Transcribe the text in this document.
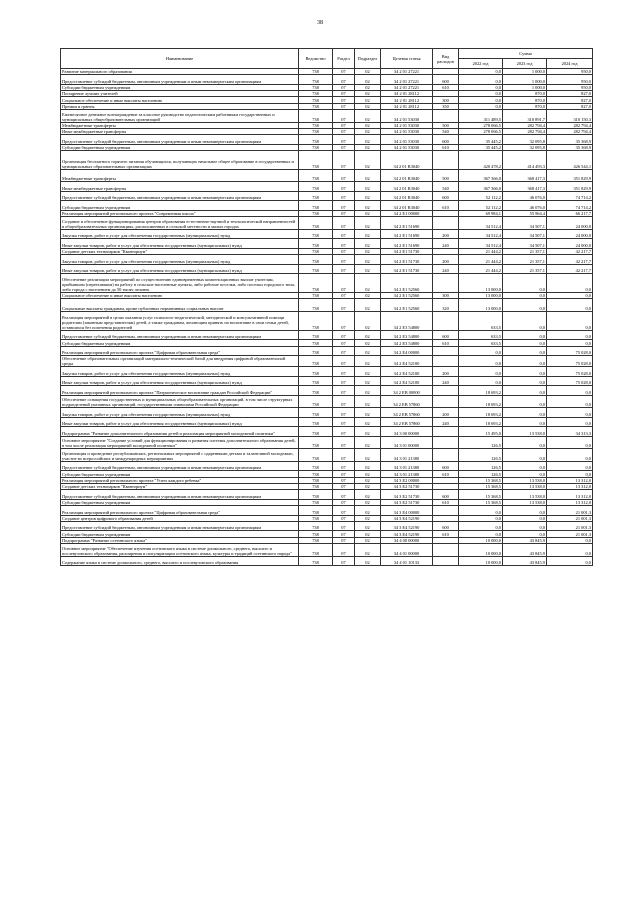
38
Наименование	Ведомство	Раздел	Подраздел	Целевая статья	Вид расходов	Сумма		
						2022 год	2023 год	2024 год
Развитие материального образования	738	07	02	34 2 01 27221		0,0	1 000,0	950,0
Предоставление субсидий бюджетным, автономным учреждениям и иным некоммерческим организациям	738	07	02	34 2 01 27221	600	0,0	1 000,0	950,0
Субсидии бюджетным учреждениям	738	07	02	34 2 01 27221	610	0,0	1 000,0	950,0
Поощрение лучших учителей	738	07	02	34 2 01 28112		0,0	870,0	827,0
Социальное обеспечение и иные выплаты населению	738	07	02	34 2 01 28112	300	0,0	870,0	827,0
Премии и гранты	738	07	02	34 2 01 28112	350	0,0	870,0	827,0
Ежемесячное денежное вознаграждение за классное руководство педагогическим работникам государственных и муниципальных общеобразовательных организаций	738	07	02	34 2 01 53030		311 489,5	310 891,7	310 150,3
Межбюджетные трансферты	738	07	02	34 2 01 53030	500	278 066,5	282 794,4	282 794,4
Иные межбюджетные трансферты	738	07	02	34 2 01 53030	540	278 066,5	282 794,4	282 794,4
Предоставление субсидий бюджетным, автономным учреждениям и иным некоммерческим организациям	738	07	02	34 2 01 53030	600	35 445,2	32 095,8	35 368,9
Субсидии бюджетным учреждениям	738	07	02	34 2 01 53030	610	35 445,2	32 095,8	35 368,9
Организация бесплатного горячего питания обучающихся, получающих начальное общее образование в государственных и муниципальных образовательных организациях	738	07	02	34 2 01 R3040		420 478,2	414 493,3	426 544,1
Межбюджетные трансферты	738	07	02	34 2 01 R3040	500	367 366,0	368 417,3	351 829,9
Иные межбюджетные трансферты	738	07	02	34 2 01 R3040	540	367 366,0	368 417,3	351 829,9
Предоставление субсидий бюджетным, автономным учреждениям и иным некоммерческим организациям	738	07	02	34 2 01 R3040	600	52 112,2	46 076,0	74 714,2
Субсидии бюджетным учреждениям	738	07	02	34 2 01 R3040	610	52 112,2	46 076,0	74 714,2
Реализация мероприятий регионального проекта "Современная школа"	738	07	02	34 2 E1 00000		69 984,1	55 964,4	66 217,7
Создание и обеспечение функционирования центров образования естественно-научной и технологической направленностей в общеобразовательных организациях, расположенных в сельской местности и малых городах	738	07	02	34 2 E1 51690		34 512,4	34 507,1	24 000,0
Закупка товаров, работ и услуг для обеспечения государственных (муниципальных) нужд	738	07	02	34 2 E1 51690	200	34 512,4	34 507,1	24 000,0
Иные закупки товаров, работ и услуг для обеспечения государственных (муниципальных) нужд	738	07	02	34 2 E1 51690	240	34 512,4	34 507,1	24 000,0
Создание детских технопарков "Кванториум"	738	07	02	34 2 E1 51730		21 444,2	21 357,1	42 217,7
Закупка товаров, работ и услуг для обеспечения государственных (муниципальных) нужд	738	07	02	34 2 E1 51730	200	21 444,2	21 357,1	42 217,7
Иные закупки товаров, работ и услуг для обеспечения государственных (муниципальных) нужд	738	07	02	34 2 E1 51730	240	21 444,2	21 357,1	42 217,7
Обеспечение реализации мероприятий по осуществлению единовременных компенсационных выплат учителям, прибывшим (переехавшим) на работу в сельские населенные пункты, либо рабочие поселки, либо поселки городского типа, либо города с населением до 50 тысяч человек	738	07	02	34 2 E1 52560		13 000,0	0,0	0,0
Социальное обеспечение и иные выплаты населению	738	07	02	34 2 E1 52560	300	13 000,0	0,0	0,0
Социальные выплаты гражданам, кроме публичных нормативных социальных выплат	738	07	02	34 2 E1 52560	320	13 000,0	0,0	0,0
Реализация мероприятий в целях оказания услуг психолого-педагогической, методической и консультативной помощи родителям (законным представителям) детей, а также гражданам, желающим принять на воспитание в свои семьи детей, оставшихся без попечения родителей	738	07	02	34 2 E3 54800		633,5	0,0	0,0
Предоставление субсидий бюджетным, автономным учреждениям и иным некоммерческим организациям	738	07	02	34 2 E3 54800	600	633,5	0,0	0,0
Субсидии бюджетным учреждениям	738	07	02	34 2 E3 54800	610	633,5	0,0	0,0
Реализация мероприятий регионального проекта "Цифровая образовательная среда"	738	07	02	34 2 E4 00000		0,0	0,0	75 028,0
Обеспечение образовательных организаций материально-технической базой для внедрения цифровой образовательной среды	738	07	02	34 2 E4 52100		0,0	0,0	75 028,0
Закупка товаров, работ и услуг для обеспечения государственных (муниципальных) нужд	738	07	02	34 2 E4 52100	200	0,0	0,0	75 028,0
Иные закупки товаров, работ и услуг для обеспечения государственных (муниципальных) нужд	738	07	02	34 2 E4 52100	240	0,0	0,0	75 028,0
Реализация мероприятий регионального проекта "Патриотическое воспитание граждан Российской Федерации"	738	07	02	34 2 EB 00000		18 693,2	0,0	0,0
Обеспечение оснащения государственных и муниципальных общеобразовательных организаций, в том числе структурных подразделений указанных организаций, государственными символами Российской Федерации	738	07	02	34 2 EB 57860		18 693,2	0,0	0,0
Закупка товаров, работ и услуг для обеспечения государственных (муниципальных) нужд	738	07	02	34 2 EB 57860	200	18 693,2	0,0	0,0
Иные закупки товаров, работ и услуг для обеспечения государственных (муниципальных) нужд	738	07	02	34 2 EB 57860	240	18 693,2	0,0	0,0
Подпрограмма "Развитие дополнительного образования детей и реализация мероприятий молодежной политики"	738	07	02	34 3 00 00000		15 495,0	13 538,0	34 313,3
Основное мероприятие "Создание условий для функционирования и развития системы дополнительного образования детей, в том числе реализация мероприятий молодежной политики"	738	07	02	34 3 01 00000		126,5	0,0	0,0
Организация и проведение республиканских, региональных мероприятий с одаренными детьми и талантливой молодежью, участие во всероссийских и международных мероприятиях	738	07	02	34 3 01 21380		126,5	0,0	0,0
Предоставление субсидий бюджетным, автономным учреждениям и иным некоммерческим организациям	738	07	02	34 3 01 21380	600	126,5	0,0	0,0
Субсидии бюджетным учреждениям	738	07	02	34 3 01 21380	610	126,5	0,0	0,0
Реализация мероприятий регионального проекта "Успех каждого ребенка"	738	07	02	34 3 E2 00000		15 368,5	13 538,0	13 312,0
Создание детских технопарков "Кванториум"	738	07	02	34 3 E2 51730		15 368,5	13 538,0	13 312,0
Предоставление субсидий бюджетным, автономным учреждениям и иным некоммерческим организациям	738	07	02	34 3 E2 51730	600	15 368,5	13 538,0	13 312,0
Субсидии бюджетным учреждениям	738	07	02	34 3 E2 51730	610	15 368,5	13 538,0	13 312,0
Реализация мероприятий регионального проекта "Цифровая образовательная среда"	738	07	02	34 3 E4 00000		0,0	0,0	21 001,3
Создание центров цифрового образования детей	738	07	02	34 3 E4 52190		0,0	0,0	21 001,3
Предоставление субсидий бюджетным, автономным учреждениям и иным некоммерческим организациям	738	07	02	34 3 E4 52190	600	0,0	0,0	21 001,3
Субсидии бюджетным учреждениям	738	07	02	34 3 E4 52190	610	0,0	0,0	21 001,3
Подпрограмма "Развитие осетинского языка"	738	07	02	34 4 00 00000		10 000,0	43 845,9	0,0
Основное мероприятие "Обеспечение изучения осетинского языка в системе дошкольного, среднего, высшего и послевузовского образования, расширения и популяризации осетинского языка, культуры и традиций осетинского народа"	738	07	02	34 4 01 00000		10 000,0	43 845,9	0,0
Содержание языка в системе дошкольного, среднего, высшего и послевузовского образования	738	07	02	34 4 01 10133		10 000,0	43 845,9	0,0
